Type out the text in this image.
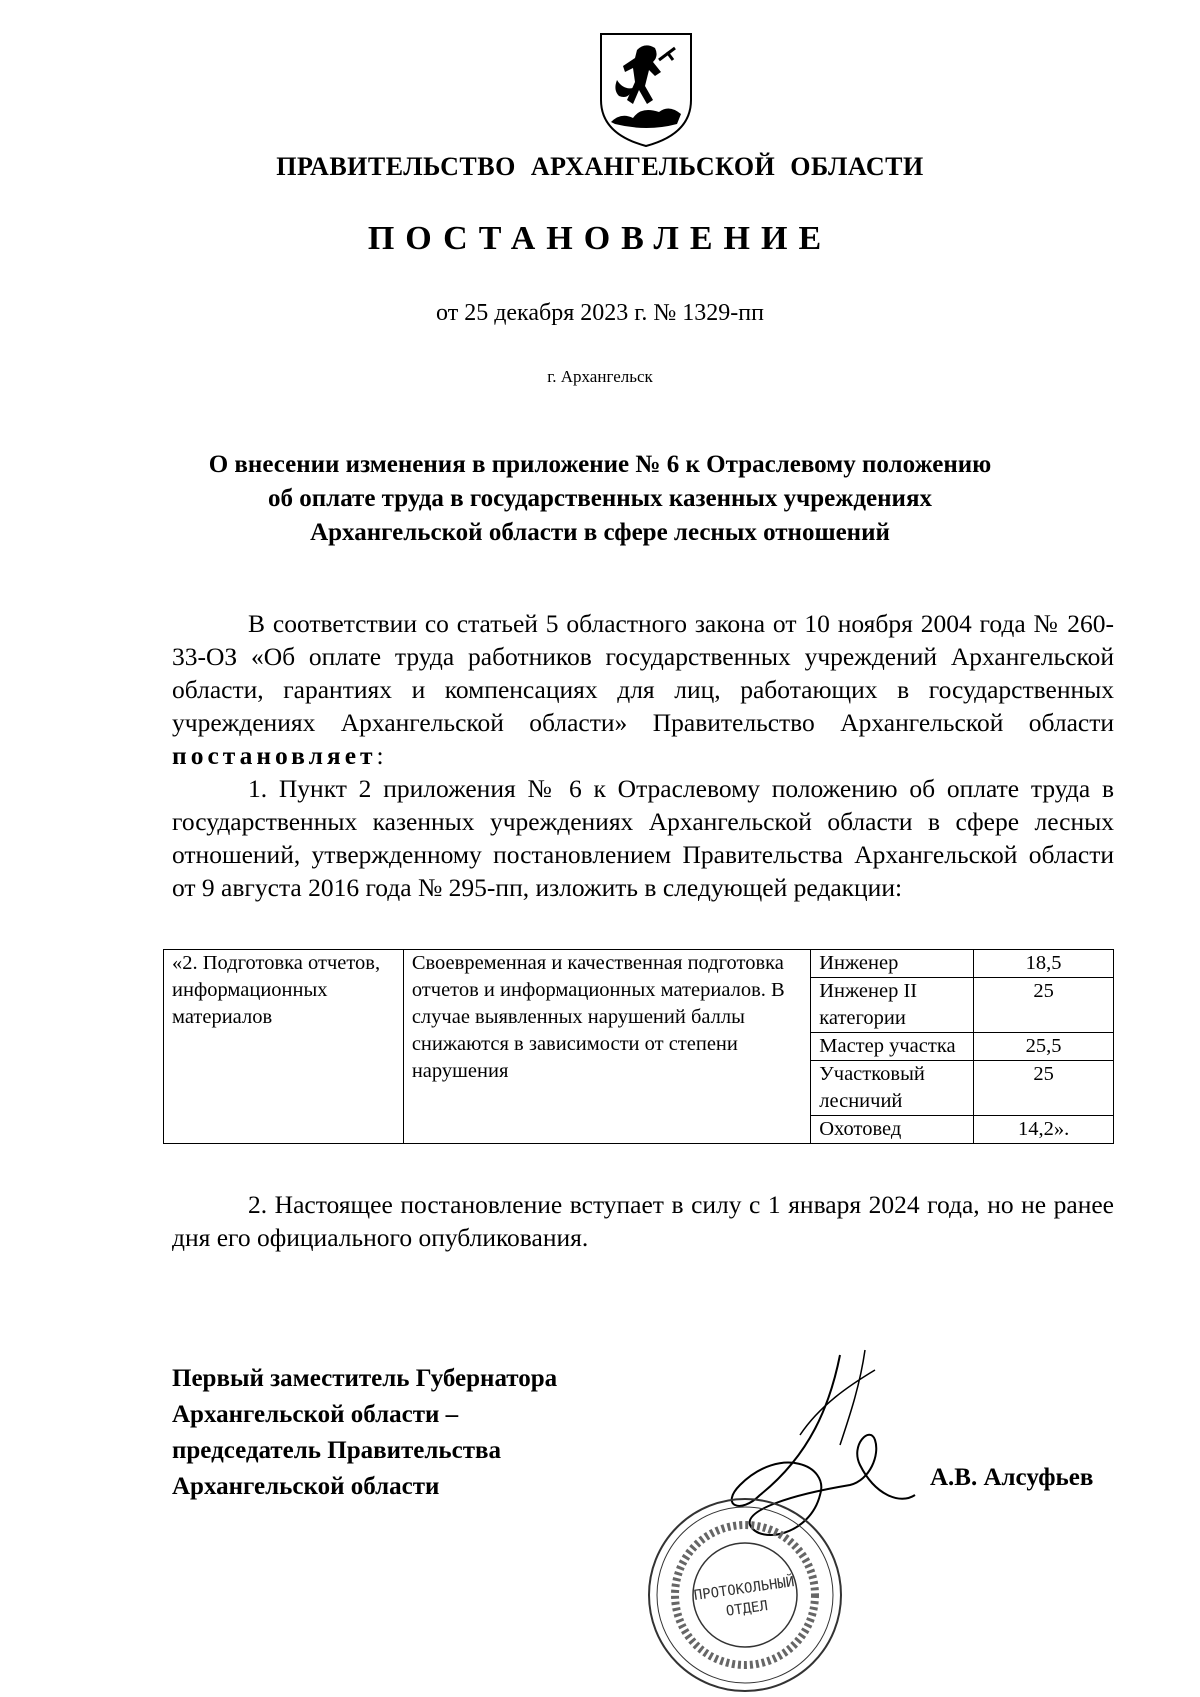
ПРАВИТЕЛЬСТВО АРХАНГЕЛЬСКОЙ ОБЛАСТИ
ПОСТАНОВЛЕНИЕ
от 25 декабря 2023 г. № 1329-пп
г. Архангельск
О внесении изменения в приложение № 6 к Отраслевому положению
об оплате труда в государственных казенных учреждениях
Архангельской области в сфере лесных отношений
В соответствии со статьей 5 областного закона от 10 ноября 2004 года № 260-33-ОЗ «Об оплате труда работников государственных учреждений Архангельской области, гарантиях и компенсациях для лиц, работающих в государственных учреждениях Архангельской области» Правительство Архангельской области постановляет:
1. Пункт 2 приложения № 6 к Отраслевому положению об оплате труда в государственных казенных учреждениях Архангельской области в сфере лесных отношений, утвержденному постановлением Правительства Архангельской области от 9 августа 2016 года № 295-пп, изложить в следующей редакции:
«2. Подготовка отчетов, информационных материалов	Своевременная и качественная подготовка отчетов и информационных материалов. В случае выявленных нарушений баллы снижаются в зависимости от степени нарушения	Инженер	18,5
		Инженер II категории	25
		Мастер участка	25,5
		Участковый лесничий	25
		Охотовед	14,2».
2. Настоящее постановление вступает в силу с 1 января 2024 года, но не ранее дня его официального опубликования.
Первый заместитель Губернатора
Архангельской области –
председатель Правительства
Архангельской области	А.В. Алсуфьев
ПРОТОКОЛЬНЫЙ
ОТДЕЛ
